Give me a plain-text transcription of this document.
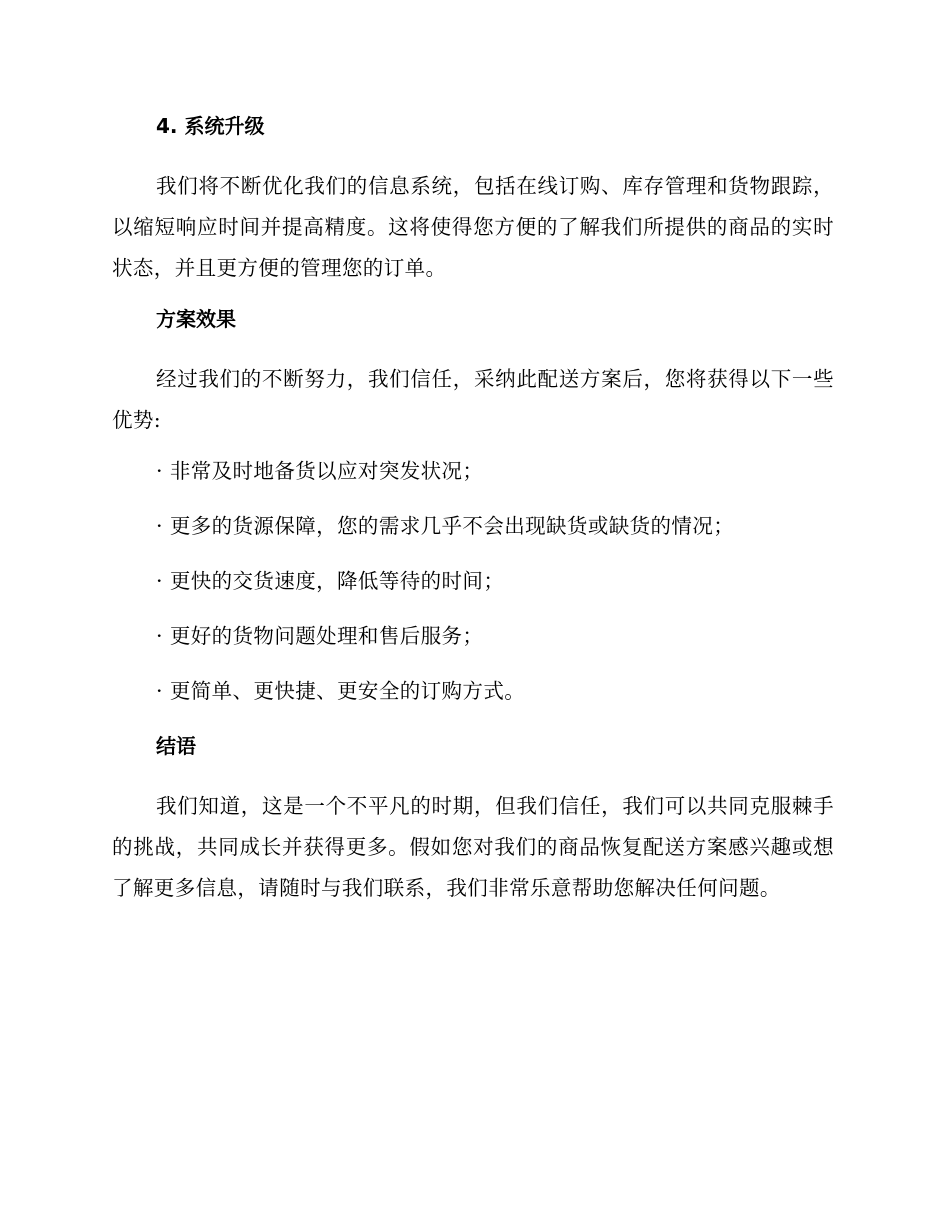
4. 系统升级

我们将不断优化我们的信息系统，包括在线订购、库存管理和货物跟踪，以缩短响应时间并提高精度。这将使得您方便的了解我们所提供的商品的实时状态，并且更方便的管理您的订单。

方案效果

经过我们的不断努力，我们信任，采纳此配送方案后，您将获得以下一些优势:

· 非常及时地备货以应对突发状况；
· 更多的货源保障，您的需求几乎不会出现缺货或缺货的情况；
· 更快的交货速度，降低等待的时间；
· 更好的货物问题处理和售后服务；
· 更简单、更快捷、更安全的订购方式。
结语

我们知道，这是一个不平凡的时期，但我们信任，我们可以共同克服棘手的挑战，共同成长并获得更多。假如您对我们的商品恢复配送方案感兴趣或想了解更多信息，请随时与我们联系，我们非常乐意帮助您解决任何问题。
